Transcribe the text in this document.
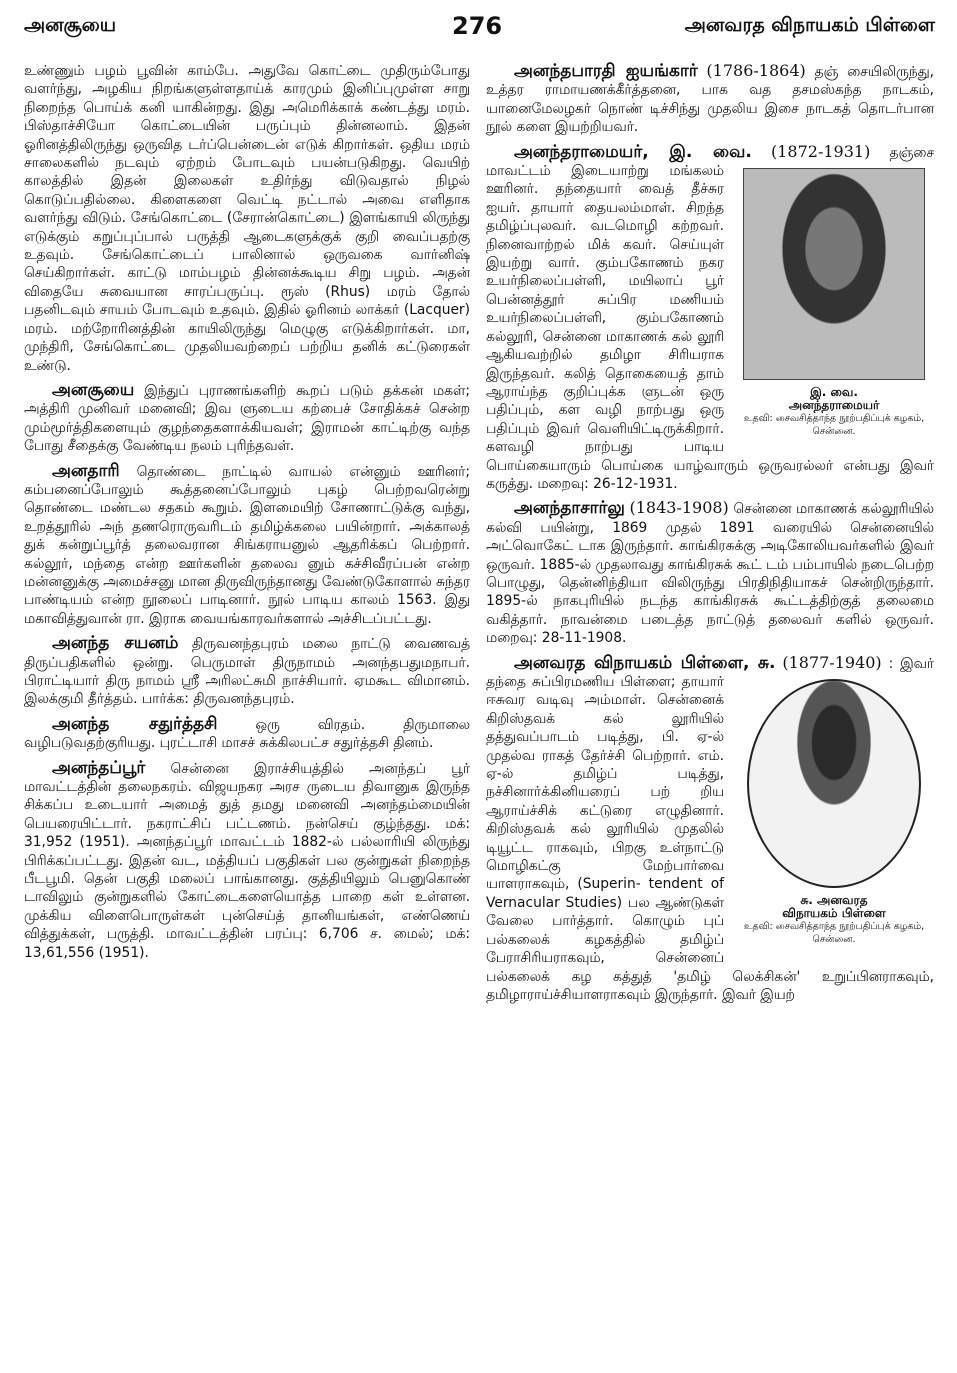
அனசூயை	276	அனவரத விநாயகம் பிள்ளை
உண்ணும் பழம் பூவின் காம்பே. அதுவே கொட்டை முதிரும்போது வளர்ந்து, அழகிய நிறங்களுள்ளதாய்க் காரமும் இனிப்புமுள்ள சாறு நிறைந்த பொய்க் கனி யாகின்றது. இது அமெரிக்காக் கண்டத்து மரம். பிஸ்தாச்சியோ கொட்டையின் பருப்பும் தின்னலாம். இதன் ஓரினத்திலிருந்து ஒருவித டர்ப்பென்டைன் எடுக் கிறார்கள். ஒதிய மரம் சாலைகளில் நடவும் ஏற்றம் போடவும் பயன்படுகிறது. வெயிற் காலத்தில் இதன் இலைகள் உதிர்ந்து விடுவதால் நிழல் கொடுப்பதில்லை. கிளைகளை வெட்டி நட்டால் அவை எளிதாக வளர்ந்து விடும். சேங்கொட்டை (சேரான்கொட்டை) இளங்காயி லிருந்து எடுக்கும் கறுப்புப்பால் பருத்தி ஆடைகளுக்குக் குறி வைப்பதற்கு உதவும். சேங்கொட்டைப் பாலினால் ஒருவகை வார்னிஷ் செய்கிறார்கள். காட்டு மாம்பழம் தின்னக்கூடிய சிறு பழம். அதன் விதையே சுவையான சாரப்பருப்பு. ரூஸ் (Rhus) மரம் தோல் பதனிடவும் சாயம் போடவும் உதவும். இதில் ஓரினம் லாக்கர் (Lacquer) மரம். மற்றோரினத்தின் காயிலிருந்து மெழுகு எடுக்கிறார்கள். மா, முந்திரி, சேங்கொட்டை முதலியவற்றைப் பற்றிய தனிக் கட்டுரைகள் உண்டு.
அனசூயை இந்துப் புராணங்களிற் கூறப் படும் தக்கன் மகள்; அத்திரி முனிவர் மனைவி; இவ ளுடைய கற்பைச் சோதிக்கச் சென்ற மும்மூர்த்திகளையும் குழந்தைகளாக்கியவள்; இராமன் காட்டிற்கு வந்த போது சீதைக்கு வேண்டிய நலம் புரிந்தவள்.
அனதாரி தொண்டை நாட்டில் வாயல் என்னும் ஊரினர்; கம்பனைப்போலும் கூத்தனைப்போலும் புகழ் பெற்றவரென்று தொண்டை மண்டல சதகம் கூறும். இளமையிற் சோணாட்டுக்கு வந்து, உறத்தூரில் அந் தணரொருவரிடம் தமிழ்க்கலை பயின்றார். அக்காலத் துக் கன்றுப்பூர்த் தலைவரான சிங்கராயனுல் ஆதரிக்கப் பெற்றார். கல்லூர், மந்தை என்ற ஊர்களின் தலைவ னும் கச்சிவீரப்பன் என்ற மன்னனுக்கு அமைச்சனு மான திருவிருந்தானது வேண்டுகோளால் சுந்தர பாண்டியம் என்ற நூலைப் பாடினார். நூல் பாடிய காலம் 1563. இது மகாவித்துவான் ரா. இராக வையங்காரவர்களால் அச்சிடப்பட்டது.
அனந்த சயனம் திருவனந்தபுரம் மலை நாட்டு வைணவத் திருப்பதிகளில் ஒன்று. பெருமாள் திருநாமம் அனந்தபதுமநாபர். பிராட்டியார் திரு நாமம் ஸ்ரீ அரிலட்சுமி நாச்சியார். ஏமகூட விமானம். இலக்குமி தீர்த்தம். பார்க்க: திருவனந்தபுரம்.
அனந்த சதுர்த்தசி	ஒரு விரதம். திருமாலை வழிபடுவதற்குரியது. புரட்டாசி மாசச் சுக்கிலபட்ச சதுர்த்தசி தினம்.
அனந்தப்பூர் சென்னை இராச்சியத்தில் அனந்தப் பூர் மாவட்டத்தின் தலைநகரம். விஜயநகர அரச ருடைய திவானுக இருந்த சிக்கப்ப உடையார் அமைத் துத் தமது மனைவி அனந்தம்மையின் பெயரையிட்டார். நகராட்சிப் பட்டணம். நன்செய் குழ்ந்தது. மக்: 31,952 (1951). அனந்தப்பூர் மாவட்டம் 1882-ல் பல்லாரியி லிருந்து பிரிக்கப்பட்டது. இதன் வட, மத்தியப் பகுதிகள் பல குன்றுகள் நிறைந்த பீடபூமி. தென் பகுதி மலைப் பாங்கானது. குத்தியிலும் பெனுகொண் டாவிலும் குன்றுகளில் கோட்டைகளையொத்த பாறை கள் உள்ளன. முக்கிய விளைபொருள்கள் புன்செய்த் தானியங்கள், எண்ணெய் வித்துக்கள், பருத்தி. மாவட்டத்தின் பரப்பு: 6,706 ச. மைல்; மக்: 13,61,556 (1951).
அனந்தபாரதி ஐயங்கார் (1786-1864) தஞ் சையிலிருந்து, உத்தர ராமாயணக்கீர்த்தனை, பாக வத தசமஸ்கந்த நாடகம், யானைமேலழகர் நொண் டிச்சிந்து முதலிய இசை நாடகத் தொடர்பான நூல் களை இயற்றியவர்.
அனந்தராமையர், இ. வை. (1872-1931)
இ. வை.
அனந்தராமையர்
உதவி: சைவசித்தாந்த நூற்பதிப்புக் கழகம், சென்னை.
தஞ்சை மாவட்டம் இடையாற்று மங்கலம் ஊரினர். தந்தையார் வைத் தீச்சுர ஐயர். தாயார் தையலம்மாள். சிறந்த தமிழ்ப்புலவர். வடமொழி கற்றவர். நினைவாற்றல் மிக் கவர். செய்யுள் இயற்று வார். கும்பகோணம் நகர உயர்நிலைப்பள்ளி, மயிலாப் பூர் பென்னத்தூர் சுப்பிர மணியம் உயர்நிலைப்பள்ளி, கும்பகோணம் கல்லூரி, சென்னை மாகாணக் கல் லூரி ஆகியவற்றில் தமிழா சிரியராக இருந்தவர். கலித் தொகையைத் தாம் ஆராய்ந்த குறிப்புக்க ளுடன் ஒரு பதிப்பும், கள வழி நாற்பது ஒரு பதிப்பும் இவர் வெளியிட்டிருக்கிறார். களவழி நாற்பது பாடிய பொய்கையாரும் பொய்கை யாழ்வாரும் ஒருவரல்லர் என்பது இவர் கருத்து. மறைவு: 26-12-1931.
அனந்தாசார்லு (1843-1908) சென்னை மாகாணக் கல்லூரியில் கல்வி பயின்று, 1869 முதல் 1891 வரையில் சென்னையில் அட்வொகேட் டாக இருந்தார். காங்கிரசுக்கு அடிகோலியவர்களில் இவர் ஒருவர். 1885-ல் முதலாவது காங்கிரசுக் கூட் டம் பம்பாயில் நடைபெற்ற பொழுது, தென்னிந்தியா விலிருந்து பிரதிநிதியாகச் சென்றிருந்தார். 1895-ல் நாகபுரியில் நடந்த காங்கிரசுக் கூட்டத்திற்குத் தலைமை வகித்தார். நாவன்மை படைத்த நாட்டுத் தலைவர் களில் ஒருவர். மறைவு: 28-11-1908.
அனவரத விநாயகம் பிள்ளை, சு. (1877-1940)
சு. அனவரத
விநாயகம் பிள்ளை
உதவி: சைவசித்தாந்த நூற்பதிப்புக் கழகம், சென்னை.
: இவர் தந்தை சுப்பிரமணிய பிள்ளை; தாயார் ஈசுவர வடிவு அம்மாள். சென்னைக் கிறிஸ்தவக் கல் லூரியில் தத்துவப்பாடம் படித்து, பி. ஏ-ல் முதல்வ ராகத் தேர்ச்சி பெற்றார். எம். ஏ-ல் தமிழ்ப் படித்து, நச்சினார்க்கினியரைப் பற் றிய ஆராய்ச்சிக் கட்டுரை எழுதினார். கிறிஸ்தவக் கல் லூரியில் முதலில் டியூட்ட ராகவும், பிறகு உள்நாட்டு மொழிகட்கு மேற்பார்வை யாளராகவும், (Superin- tendent of Vernacular Studies) பல ஆண்டுகள் வேலை பார்த்தார். கொழும் புப் பல்கலைக் கழகத்தில் தமிழ்ப் பேராசிரியராகவும், சென்னைப் பல்கலைக் கழ கத்துத் 'தமிழ் லெக்சிகன்' உறுப்பினராகவும், தமிழாராய்ச்சியாளராகவும் இருந்தார். இவர் இயற்
